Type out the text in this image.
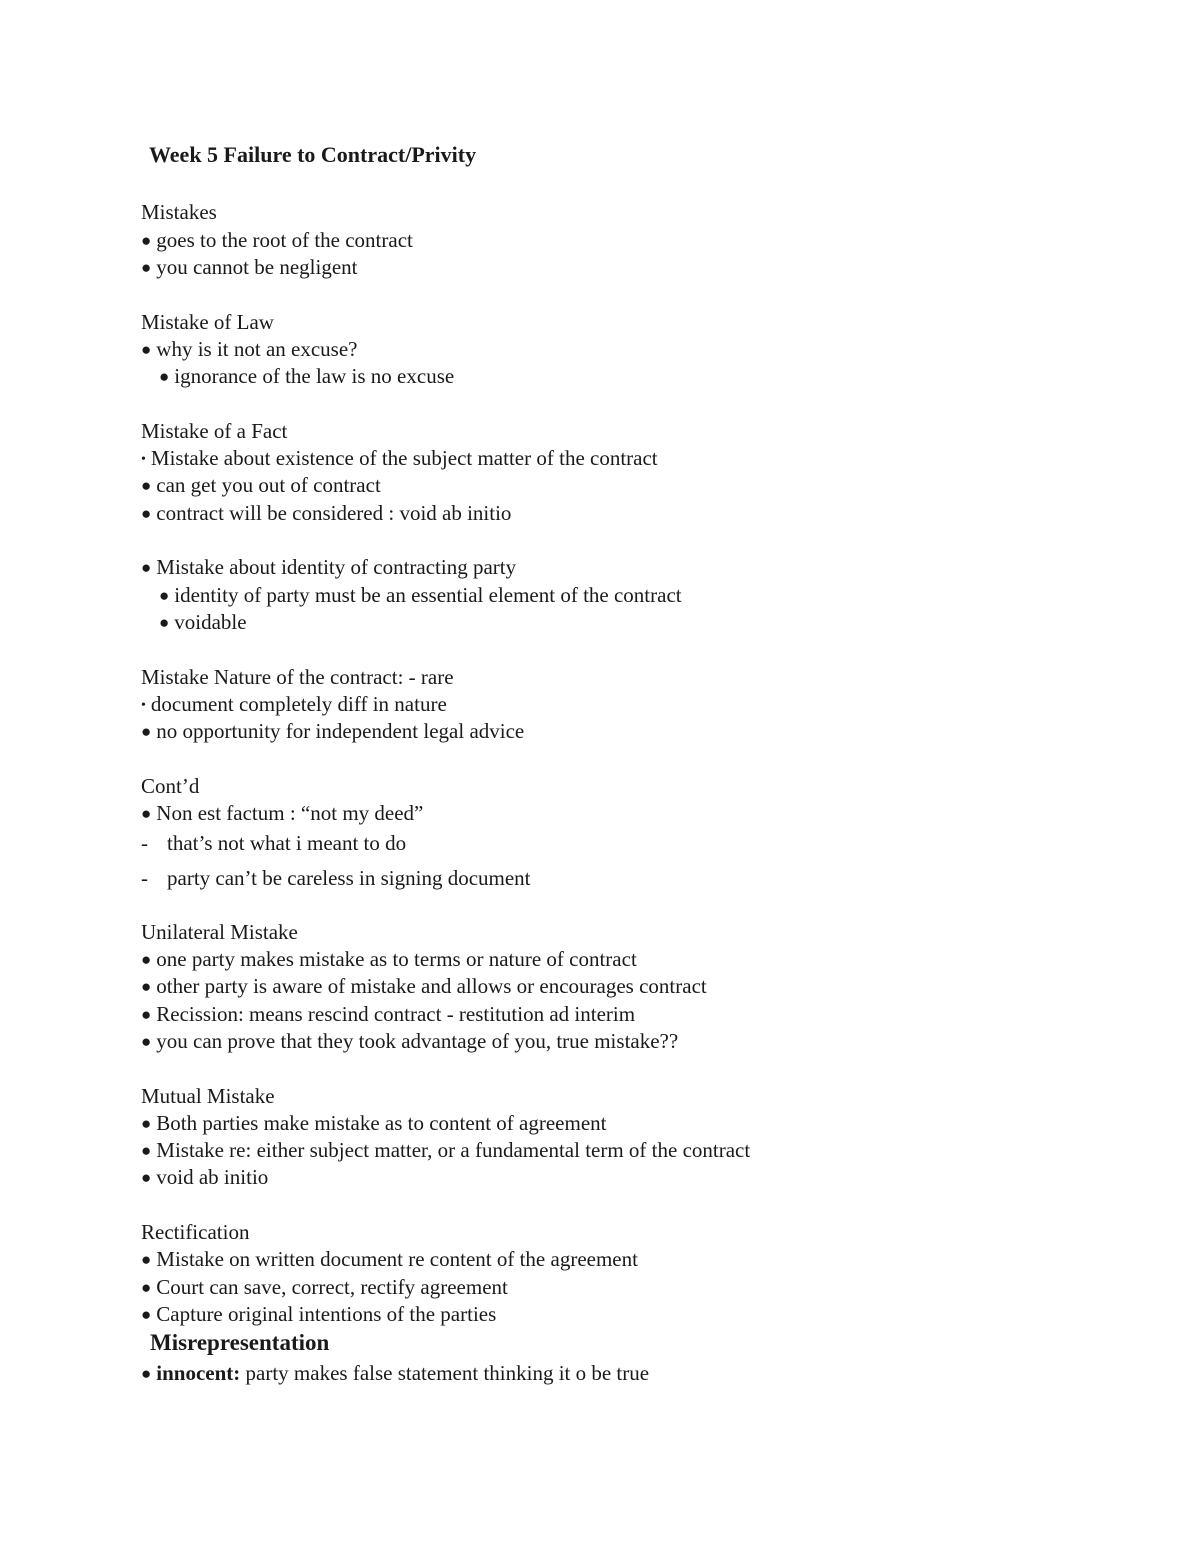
Week 5 Failure to Contract/Privity
Mistakes
● goes to the root of the contract
● you cannot be negligent
Mistake of Law
● why is it not an excuse?
● ignorance of the law is no excuse
Mistake of a Fact
• Mistake about existence of the subject matter of the contract
● can get you out of contract
● contract will be considered : void ab initio
● Mistake about identity of contracting party
● identity of party must be an essential element of the contract
● voidable
Mistake Nature of the contract: - rare
• document completely diff in nature
● no opportunity for independent legal advice
Cont’d
● Non est factum : “not my deed”
- that’s not what i meant to do
- party can’t be careless in signing document
Unilateral Mistake
● one party makes mistake as to terms or nature of contract
● other party is aware of mistake and allows or encourages contract
● Recission: means rescind contract - restitution ad interim
● you can prove that they took advantage of you, true mistake??
Mutual Mistake
● Both parties make mistake as to content of agreement
● Mistake re: either subject matter, or a fundamental term of the contract
● void ab initio
Rectification
● Mistake on written document re content of the agreement
● Court can save, correct, rectify agreement
● Capture original intentions of the parties
Misrepresentation
● innocent: party makes false statement thinking it o be true
